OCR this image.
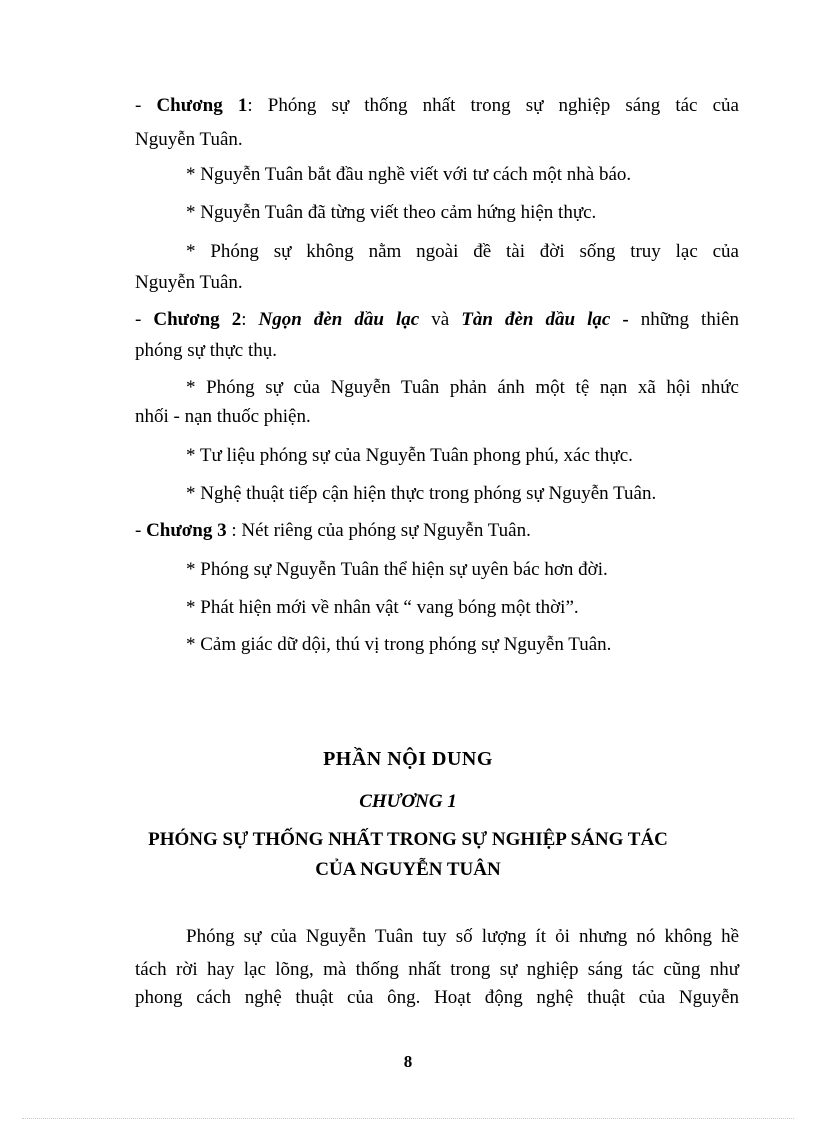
- Chương 1: Phóng sự thống nhất trong sự nghiệp sáng tác của
Nguyễn Tuân.
* Nguyễn Tuân bắt đầu nghề viết với tư cách một nhà báo.
* Nguyễn Tuân đã từng viết theo cảm hứng hiện thực.
* Phóng sự không nằm ngoài đề tài đời sống truy lạc của
Nguyễn Tuân.
- Chương 2: Ngọn đèn dầu lạc và Tàn đèn dầu lạc - những thiên
phóng sự thực thụ.
* Phóng sự của Nguyễn Tuân phản ánh một tệ nạn xã hội nhức
nhối - nạn thuốc phiện.
* Tư liệu phóng sự của Nguyễn Tuân phong phú, xác thực.
* Nghệ thuật tiếp cận hiện thực trong phóng sự Nguyễn Tuân.
- Chương 3 : Nét riêng của phóng sự Nguyễn Tuân.
* Phóng sự Nguyễn Tuân thể hiện sự uyên bác hơn đời.
* Phát hiện mới về nhân vật “ vang bóng một thời”.
* Cảm giác dữ dội, thú vị trong phóng sự Nguyễn Tuân.
PHẦN NỘI DUNG
CHƯƠNG 1
PHÓNG SỰ THỐNG NHẤT TRONG SỰ NGHIỆP SÁNG TÁC
CỦA NGUYỄN TUÂN
Phóng sự của Nguyễn Tuân tuy số lượng ít ỏi nhưng nó không hề
tách rời hay lạc lõng, mà thống nhất trong sự nghiệp sáng tác cũng như
phong cách nghệ thuật của ông. Hoạt động nghệ thuật của Nguyễn
8
